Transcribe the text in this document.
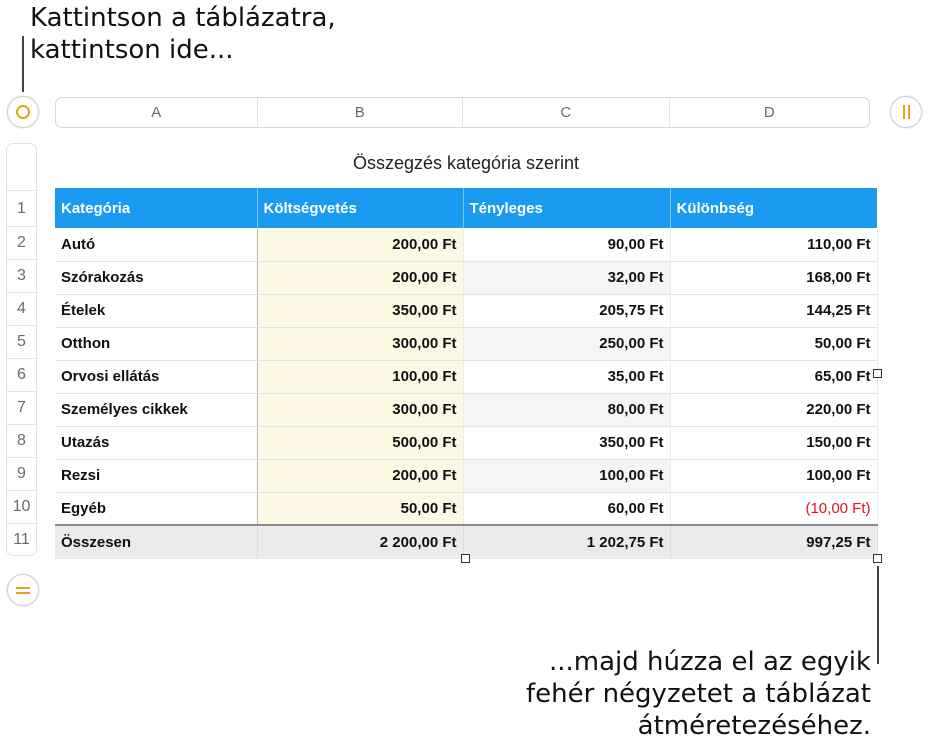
Kattintson a táblázatra,
kattintson ide...
...majd húzza el az egyik
fehér négyzetet a táblázat
átméretezéséhez.
A	B	C	D
1
2
3
4
5
6
7
8
9
10
11
Összegzés kategória szerint
Kategória	Költségvetés	Tényleges	Különbség
Autó	200,00 Ft	90,00 Ft	110,00 Ft
Szórakozás	200,00 Ft	32,00 Ft	168,00 Ft
Ételek	350,00 Ft	205,75 Ft	144,25 Ft
Otthon	300,00 Ft	250,00 Ft	50,00 Ft
Orvosi ellátás	100,00 Ft	35,00 Ft	65,00 Ft
Személyes cikkek	300,00 Ft	80,00 Ft	220,00 Ft
Utazás	500,00 Ft	350,00 Ft	150,00 Ft
Rezsi	200,00 Ft	100,00 Ft	100,00 Ft
Egyéb	50,00 Ft	60,00 Ft	(10,00 Ft)
Összesen	2 200,00 Ft	1 202,75 Ft	997,25 Ft
